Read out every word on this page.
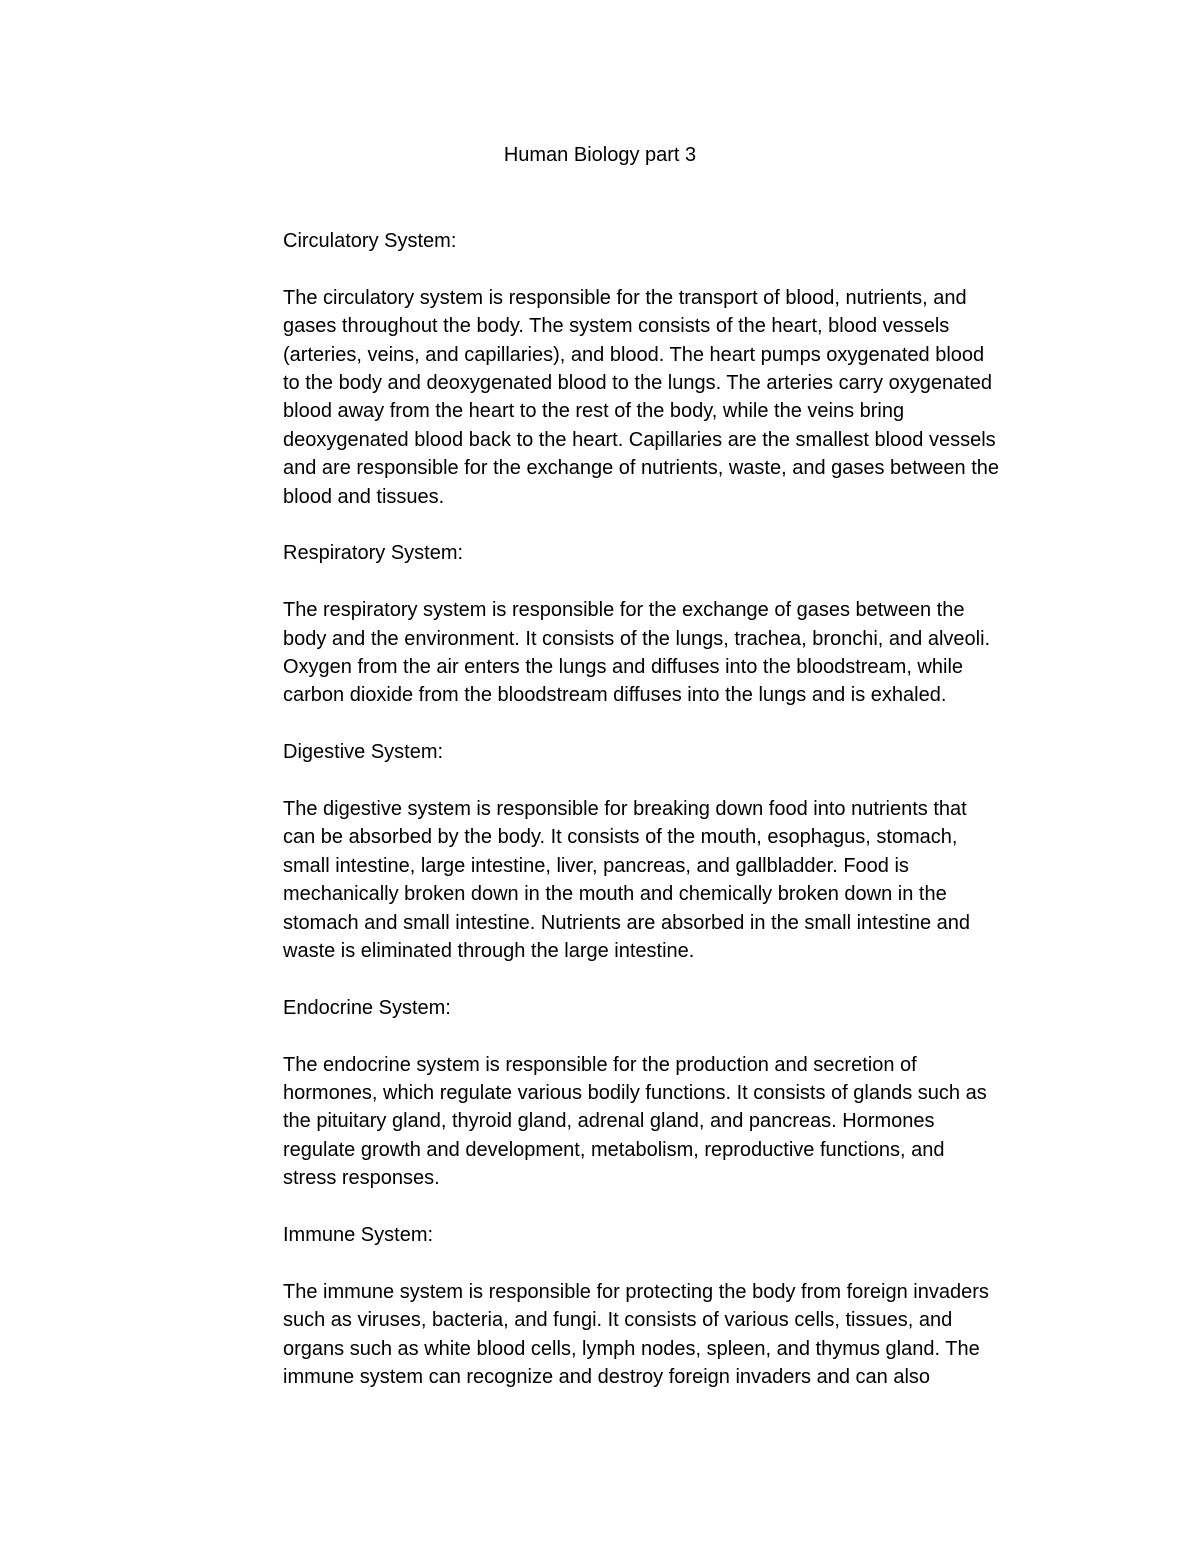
Human Biology part 3

Circulatory System:

The circulatory system is responsible for the transport of blood, nutrients, and
gases throughout the body. The system consists of the heart, blood vessels
(arteries, veins, and capillaries), and blood. The heart pumps oxygenated blood
to the body and deoxygenated blood to the lungs. The arteries carry oxygenated
blood away from the heart to the rest of the body, while the veins bring
deoxygenated blood back to the heart. Capillaries are the smallest blood vessels
and are responsible for the exchange of nutrients, waste, and gases between the
blood and tissues.

Respiratory System:

The respiratory system is responsible for the exchange of gases between the
body and the environment. It consists of the lungs, trachea, bronchi, and alveoli.
Oxygen from the air enters the lungs and diffuses into the bloodstream, while
carbon dioxide from the bloodstream diffuses into the lungs and is exhaled.

Digestive System:

The digestive system is responsible for breaking down food into nutrients that
can be absorbed by the body. It consists of the mouth, esophagus, stomach,
small intestine, large intestine, liver, pancreas, and gallbladder. Food is
mechanically broken down in the mouth and chemically broken down in the
stomach and small intestine. Nutrients are absorbed in the small intestine and
waste is eliminated through the large intestine.

Endocrine System:

The endocrine system is responsible for the production and secretion of
hormones, which regulate various bodily functions. It consists of glands such as
the pituitary gland, thyroid gland, adrenal gland, and pancreas. Hormones
regulate growth and development, metabolism, reproductive functions, and
stress responses.

Immune System:

The immune system is responsible for protecting the body from foreign invaders
such as viruses, bacteria, and fungi. It consists of various cells, tissues, and
organs such as white blood cells, lymph nodes, spleen, and thymus gland. The
immune system can recognize and destroy foreign invaders and can also
